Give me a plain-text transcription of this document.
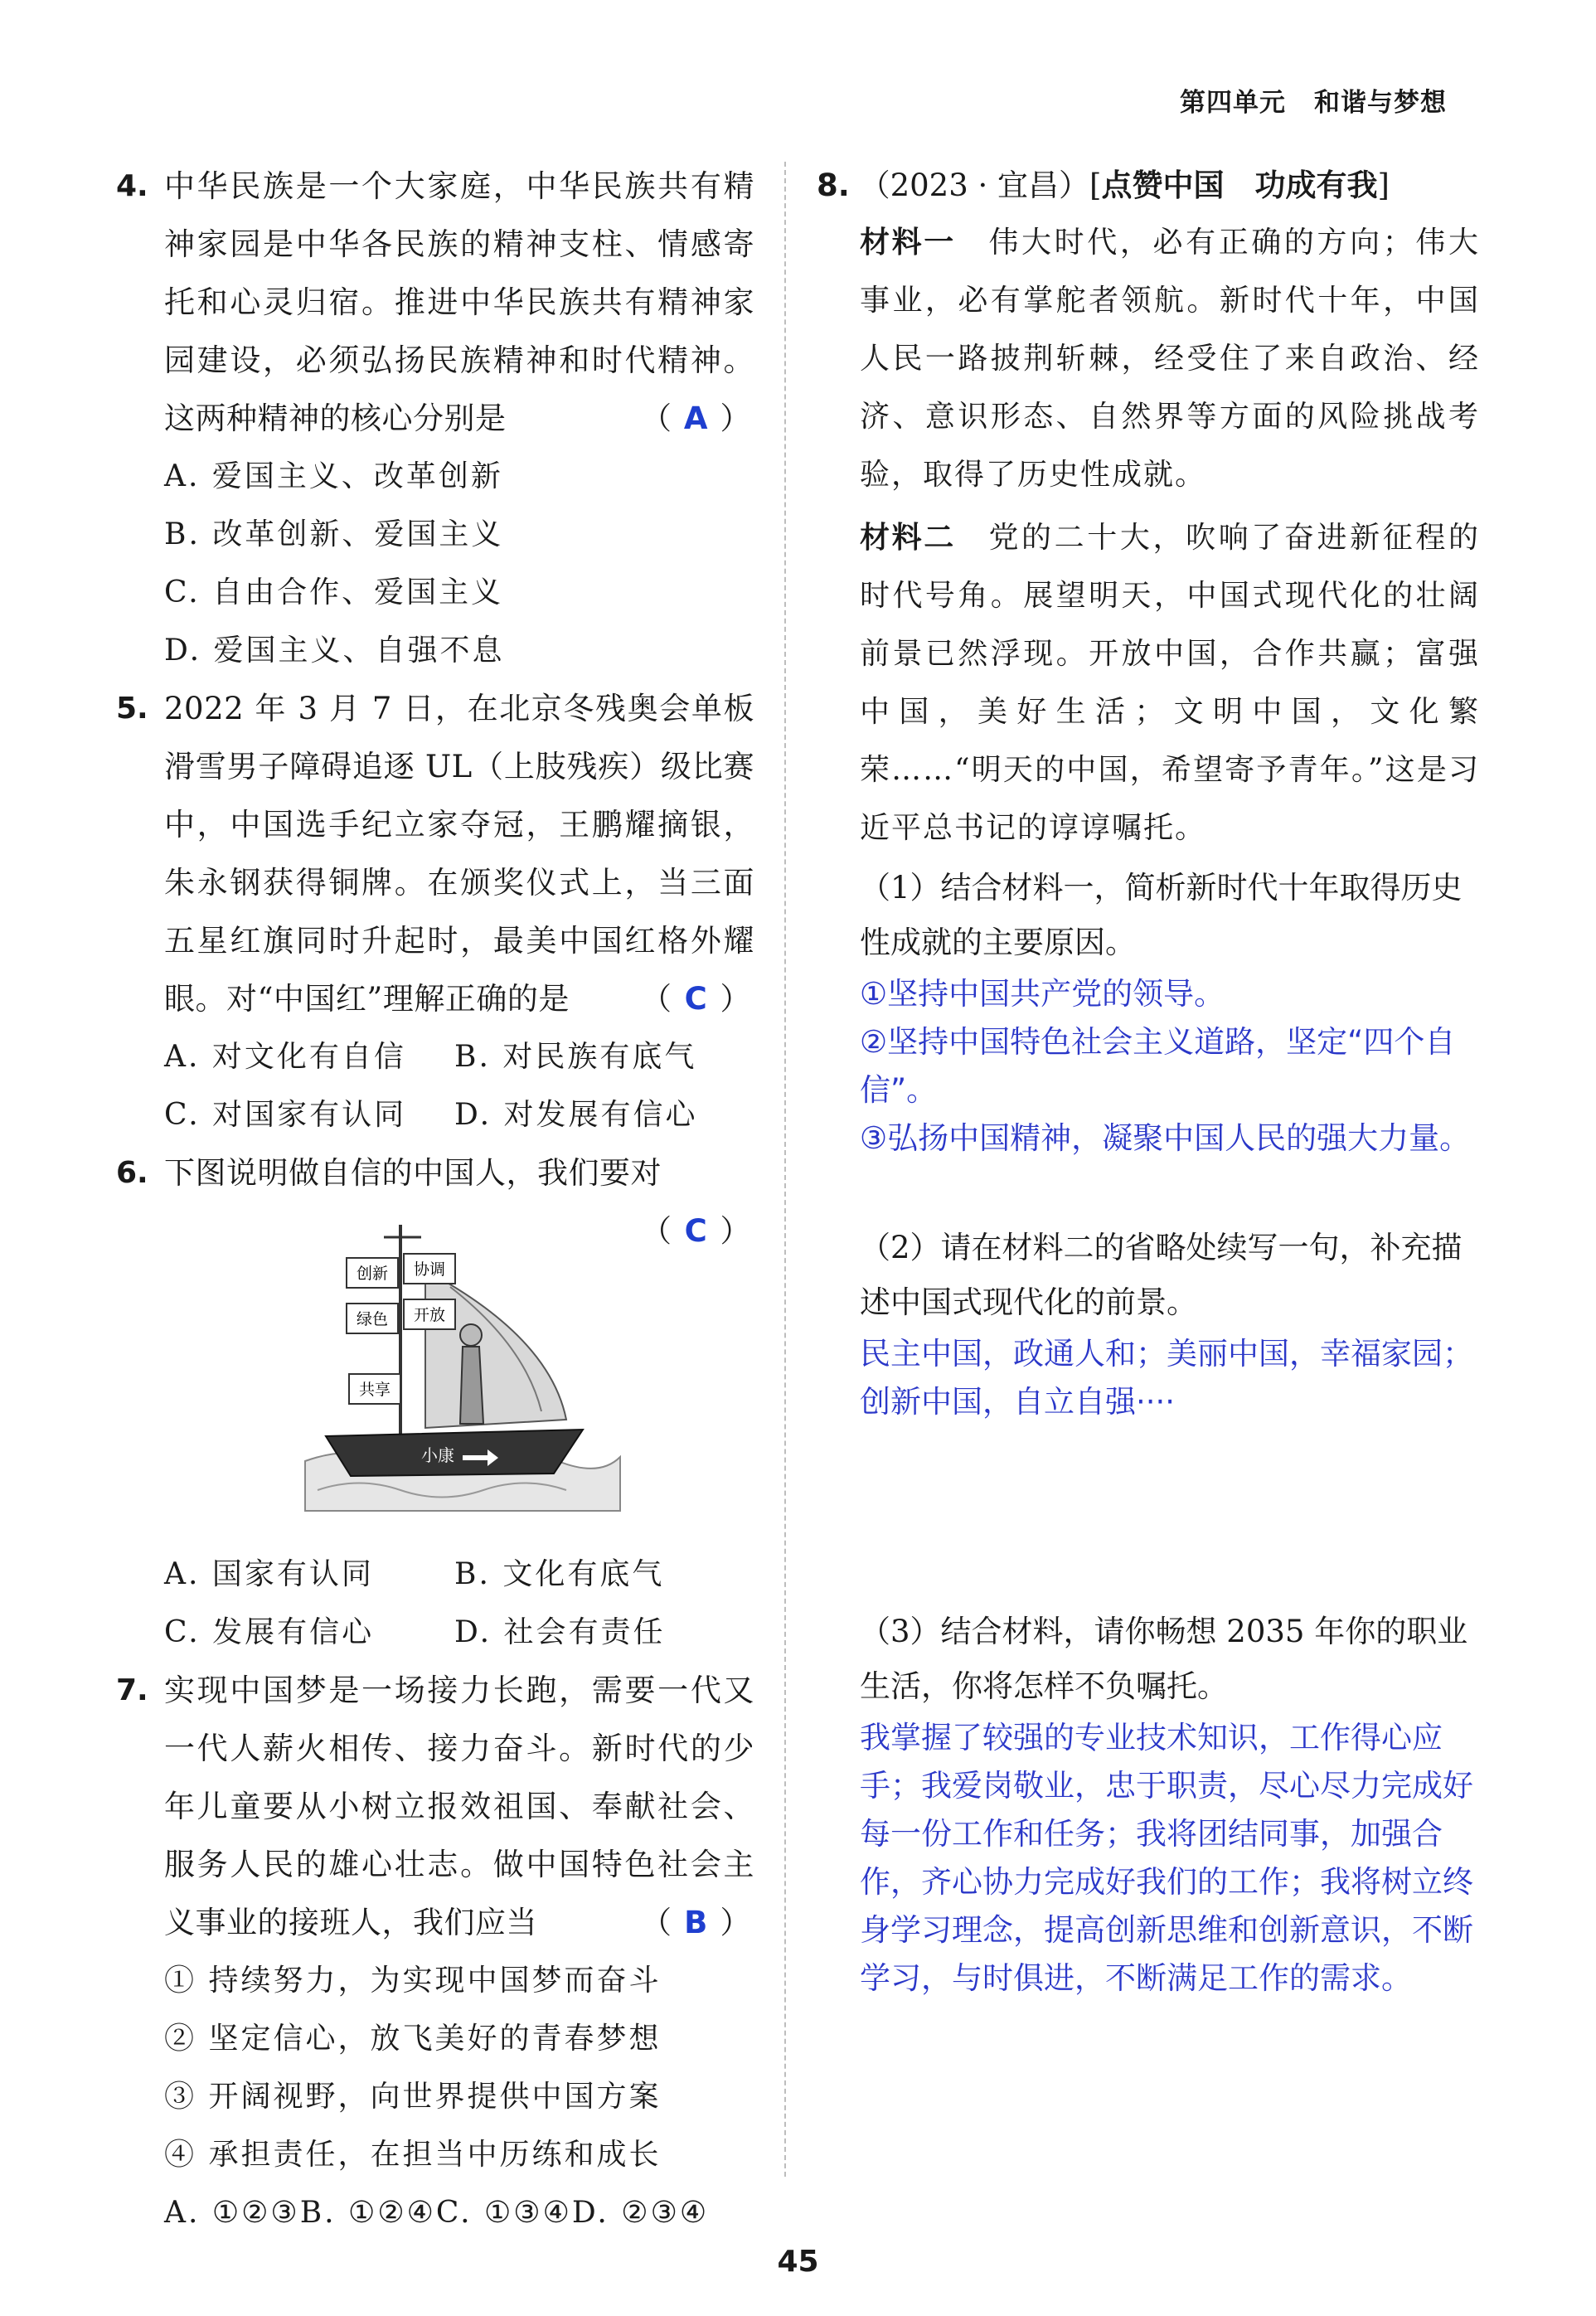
第四单元 和谐与梦想
4. 中华民族是一个大家庭，中华民族共有精神家园是中华各民族的精神支柱、情感寄托和心灵归宿。推进中华民族共有精神家园建设，必须弘扬民族精神和时代精神。这两种精神的核心分别是	（ A ）
A. 爱国主义、改革创新
B. 改革创新、爱国主义
C. 自由合作、爱国主义
D. 爱国主义、自强不息
5. 2022 年 3 月 7 日，在北京冬残奥会单板滑雪男子障碍追逐 UL（上肢残疾）级比赛中，中国选手纪立家夺冠，王鹏耀摘银，朱永钢获得铜牌。在颁奖仪式上，当三面五星红旗同时升起时，最美中国红格外耀眼。对“中国红”理解正确的是 （ C ）
A. 对文化有自信	B. 对民族有底气
C. 对国家有认同	D. 对发展有信心
6. 下图说明做自信的中国人，我们要对
（ C ）
创新 协调
绿色 开放
共享
小康
A. 国家有认同	B. 文化有底气
C. 发展有信心	D. 社会有责任
7. 实现中国梦是一场接力长跑，需要一代又一代人薪火相传、接力奋斗。新时代的少年儿童要从小树立报效祖国、奉献社会、服务人民的雄心壮志。做中国特色社会主义事业的接班人，我们应当	（ B ）
① 持续努力，为实现中国梦而奋斗
② 坚定信心，放飞美好的青春梦想
③ 开阔视野，向世界提供中国方案
④ 承担责任，在担当中历练和成长
A. ①②③B. ①②④C. ①③④D. ②③④
8. （2023 · 宜昌）[点赞中国　功成有我]
材料一　 伟大时代，必有正确的方向；伟大事业，必有掌舵者领航。新时代十年，中国人民一路披荆斩棘，经受住了来自政治、经济、意识形态、自然界等方面的风险挑战考验，取得了历史性成就。
材料二　 党的二十大，吹响了奋进新征程的时代号角。展望明天，中国式现代化的壮阔前景已然浮现。开放中国，合作共赢；富强中国，美好生活；文明中国，文化繁荣……“明天的中国，希望寄予青年。”这是习近平总书记的谆谆嘱托。
（1）结合材料一，简析新时代十年取得历史性成就的主要原因。
①坚持中国共产党的领导。
②坚持中国特色社会主义道路，坚定“四个自信”。
③弘扬中国精神，凝聚中国人民的强大力量。
（2）请在材料二的省略处续写一句，补充描述中国式现代化的前景。
民主中国，政通人和；美丽中国，幸福家园；创新中国，自立自强····
（3）结合材料，请你畅想 2035 年你的职业生活，你将怎样不负嘱托。
我掌握了较强的专业技术知识，工作得心应手；我爱岗敬业，忠于职责，尽心尽力完成好每一份工作和任务；我将团结同事，加强合作，齐心协力完成好我们的工作；我将树立终身学习理念，提高创新思维和创新意识，不断学习，与时俱进，不断满足工作的需求。
45
